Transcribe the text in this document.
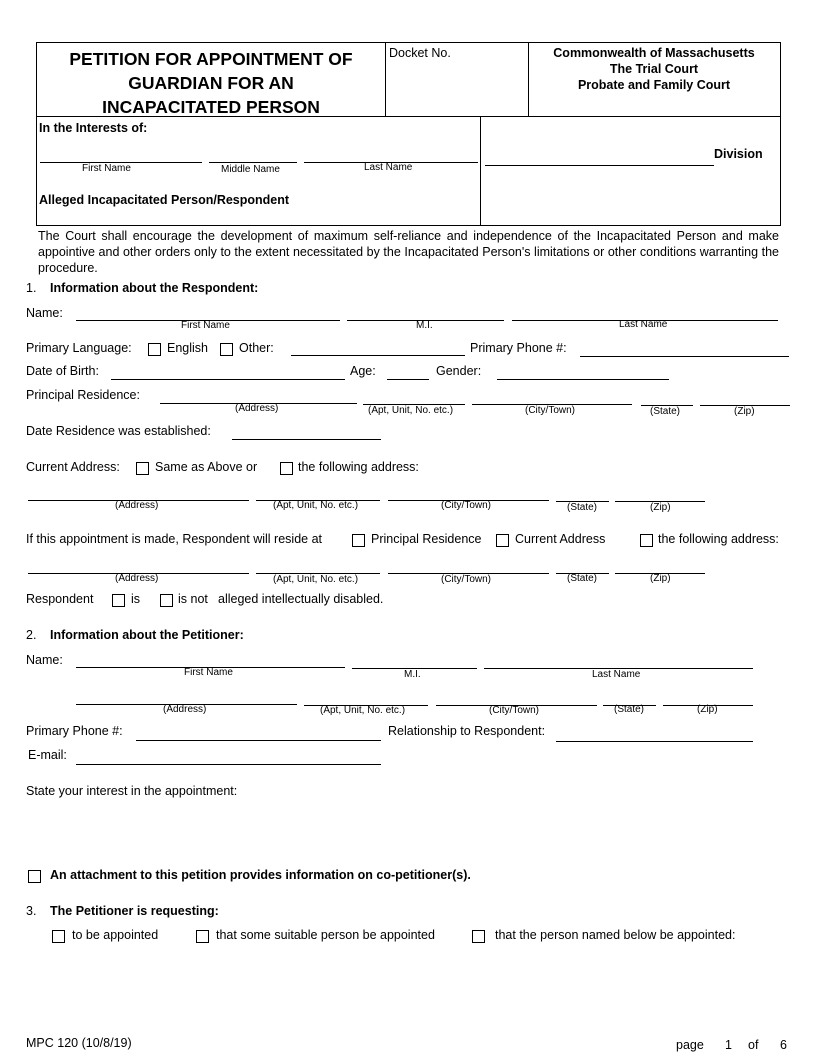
PETITION FOR APPOINTMENT OF
GUARDIAN FOR AN
INCAPACITATED PERSON
Docket No.	Commonwealth of Massachusetts
The Trial Court
Probate and Family Court
In the Interests of:
First Name	Middle Name	Last Name
Alleged Incapacitated Person/Respondent
Division
The Court shall encourage the development of maximum self-reliance and independence of the Incapacitated Person and make appointive and other orders only to the extent necessitated by the Incapacitated Person's limitations or other conditions warranting the procedure.
1. Information about the Respondent:
Name:
First Name	M.I.	Last Name
Primary Language:	English Other:	Primary Phone #:
Date of Birth:	Age:	Gender:
Principal Residence:
(Address)	(Apt, Unit, No. etc.)	(City/Town)	(State)	(Zip)
Date Residence was established:
Current Address:	Same as Above or	the following address:
(Address)	(Apt, Unit, No. etc.)	(City/Town)	(State)	(Zip)
If this appointment is made, Respondent will reside at	Principal Residence	Current Address	the following address:
(Address)	(Apt, Unit, No. etc.)	(City/Town)	(State)	(Zip)
Respondent	is	is not alleged intellectually disabled.
2. Information about the Petitioner:
Name:
First Name	M.I.	Last Name
(Address)	(Apt, Unit, No. etc.)	(City/Town)	(State)	(Zip)
Primary Phone #:	Relationship to Respondent:
E-mail:
State your interest in the appointment:
An attachment to this petition provides information on co-petitioner(s).
3. The Petitioner is requesting:
to be appointed	that some suitable person be appointed	that the person named below be appointed:
MPC 120 (10/8/19)	page 1 of 6
